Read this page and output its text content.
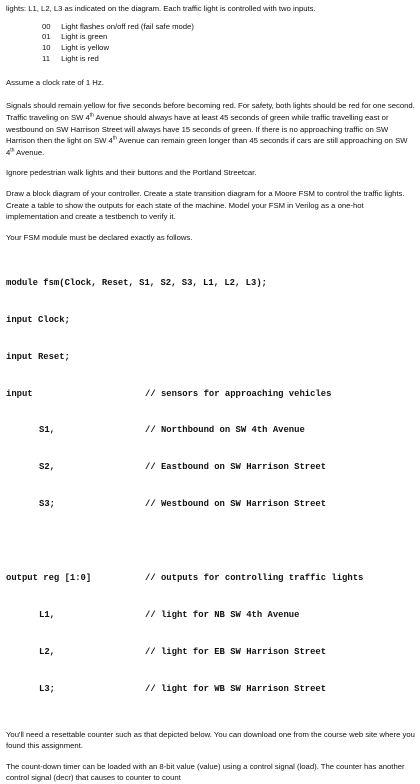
lights: L1, L2, L3 as indicated on the diagram. Each traffic light is controlled with two inputs.

00 Light flashes on/off red (fail safe mode)
01 Light is green
10 Light is yellow
11 Light is red

Assume a clock rate of 1 Hz.

Signals should remain yellow for five seconds before becoming red. For safety, both lights should be red for one second. Traffic traveling on SW 4th Avenue should always have at least 45 seconds of green while traffic travelling east or westbound on SW Harrison Street will always have 15 seconds of green. If there is no approaching traffic on SW Harrison then the light on SW 4th Avenue can remain green longer than 45 seconds if cars are still approaching on SW 4th Avenue.

Ignore pedestrian walk lights and their buttons and the Portland Streetcar.

Draw a block diagram of your controller. Create a state transition diagram for a Moore FSM to control the traffic lights. Create a table to show the outputs for each state of the machine. Model your FSM in Verilog as a one-hot implementation and create a testbench to verify it.

Your FSM module must be declared exactly as follows.

module fsm(Clock, Reset, S1, S2, S3, L1, L2, L3);

input Clock;

input Reset;

input	// sensors for approaching vehicles

S1,	// Northbound on SW 4th Avenue

S2,	// Eastbound on SW Harrison Street

S3;	// Westbound on SW Harrison Street

output reg [1:0]	// outputs for controlling traffic lights

L1,	// light for NB SW 4th Avenue

L2,	// light for EB SW Harrison Street

L3;	// light for WB SW Harrison Street

You'll need a resettable counter such as that depicted below. You can download one from the course web site where you found this assignment.

The count-down timer can be loaded with an 8-bit value (value) using a control signal (load). The counter has another control signal (decr) that causes to counter to count
